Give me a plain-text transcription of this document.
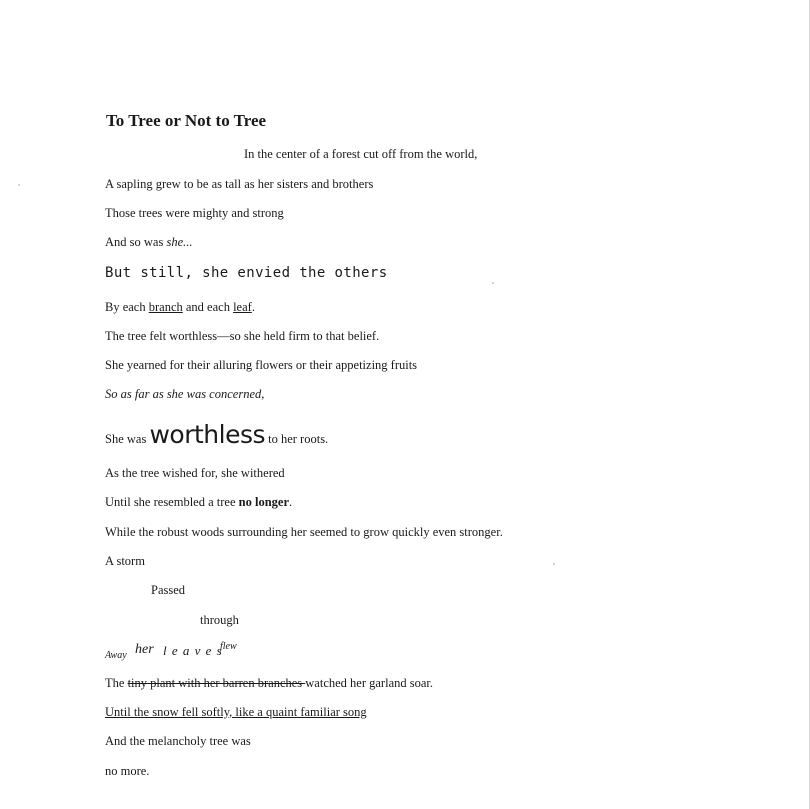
To Tree or Not to Tree
In the center of a forest cut off from the world,
A sapling grew to be as tall as her sisters and brothers
Those trees were mighty and strong
And so was she...
But still, she envied the others
By each branch and each leaf.
The tree felt worthless—so she held firm to that belief.
She yearned for their alluring flowers or their appetizing fruits
So as far as she was concerned,
She was worthless to her roots.
As the tree wished for, she withered
Until she resembled a tree no longer.
While the robust woods surrounding her seemed to grow quickly even stronger.
A storm
Passed
through
Away her l e a v e s
flew
The tiny plant with her barren branches watched her garland soar.
Until the snow fell softly, like a quaint familiar song
And the melancholy tree was
no more.
